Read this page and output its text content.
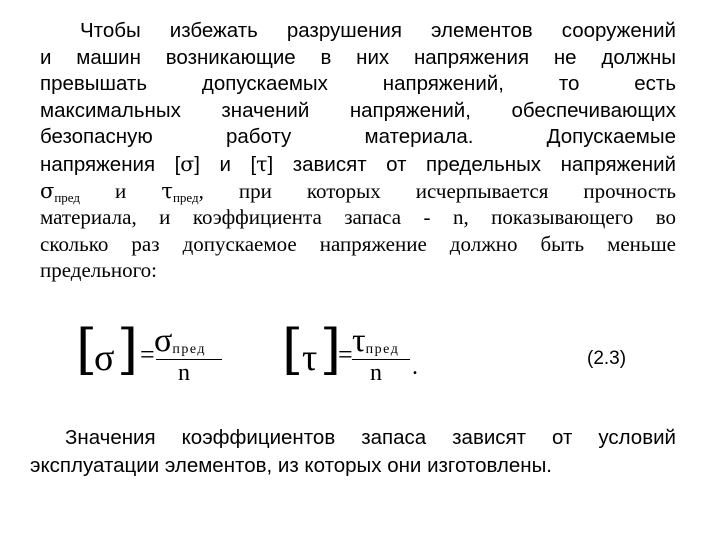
Чтобы избежать разрушения элементов сооружений
и машин возникающие в них напряжения не должны
превышать допускаемых напряжений, то есть
максимальных значений напряжений, обеспечивающих
безопасную работу материала. Допускаемые
напряжения [σ] и [τ] зависят от предельных напряжений
σпред и τпред, при которых исчерпывается прочность
материала, и коэффициента запаса - n, показывающего во
сколько раз допускаемое напряжение должно быть меньше
предельного:
[
σ ] = σпред
n [
τ ]
= τпред
n .	(2.3)
Значения коэффициентов запаса зависят от условий
эксплуатации элементов, из которых они изготовлены.
